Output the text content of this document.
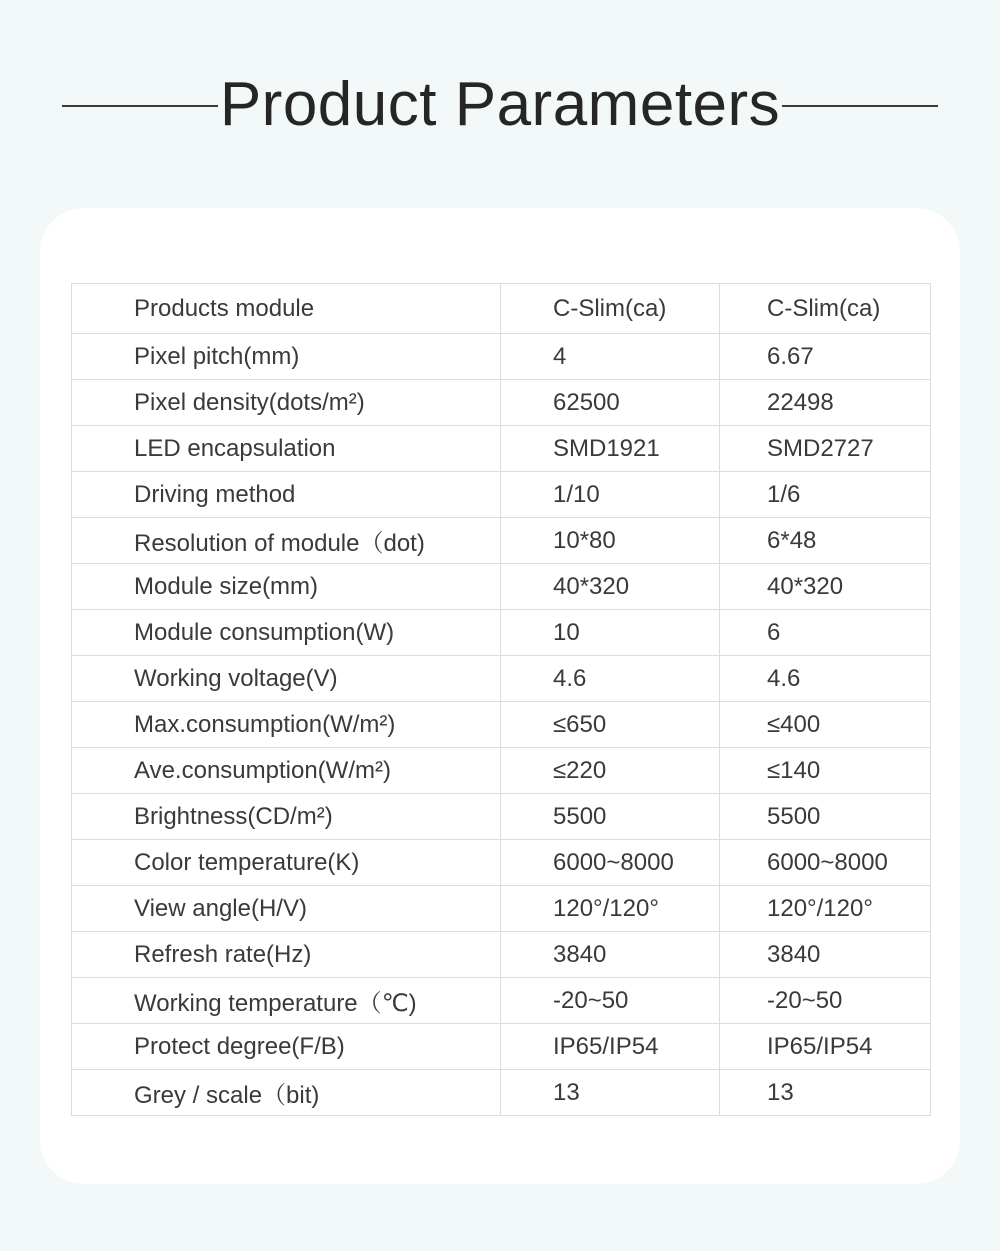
Product Parameters
Products module	C-Slim(ca)	C-Slim(ca)
Pixel pitch(mm)	4	6.67
Pixel density(dots/m²)	62500	22498
LED encapsulation	SMD1921	SMD2727
Driving method	1/10	1/6
Resolution of module（dot)	10*80	6*48
Module size(mm)	40*320	40*320
Module consumption(W)	10	6
Working voltage(V)	4.6	4.6
Max.consumption(W/m²)	≤650	≤400
Ave.consumption(W/m²)	≤220	≤140
Brightness(CD/m²)	5500	5500
Color temperature(K)	6000~8000	6000~8000
View angle(H/V)	120°/120°	120°/120°
Refresh rate(Hz)	3840	3840
Working temperature（℃)	-20~50	-20~50
Protect degree(F/B)	IP65/IP54	IP65/IP54
Grey / scale（bit)	13	13
